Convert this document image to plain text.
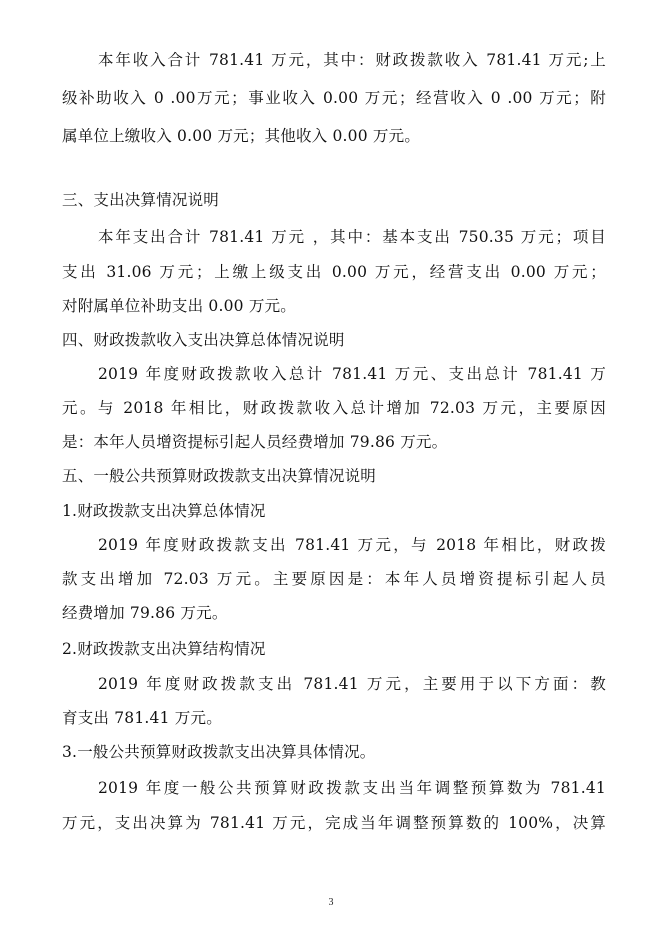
本年收入合计 781.41 万元，其中：财政拨款收入 781.41 万元;上

级补助收入 0 .00万元；事业收入 0.00 万元；经营收入 0 .00 万元；附

属单位上缴收入 0.00 万元；其他收入 0.00 万元。

三、支出决算情况说明

本年支出合计 781.41 万元 ，其中：基本支出 750.35 万元；项目

支出 31.06 万元；上缴上级支出 0.00 万元，经营支出 0.00 万元；

对附属单位补助支出 0.00 万元。

四、财政拨款收入支出决算总体情况说明

2019 年度财政拨款收入总计 781.41 万元、支出总计 781.41 万

元。与 2018 年相比，财政拨款收入总计增加 72.03 万元，主要原因

是：本年人员增资提标引起人员经费增加 79.86 万元。

五、一般公共预算财政拨款支出决算情况说明

1.财政拨款支出决算总体情况

2019 年度财政拨款支出 781.41 万元，与 2018 年相比，财政拨

款支出增加 72.03 万元。主要原因是：本年人员增资提标引起人员

经费增加 79.86 万元。

2.财政拨款支出决算结构情况

2019 年度财政拨款支出 781.41 万元，主要用于以下方面：教

育支出 781.41 万元。

3.一般公共预算财政拨款支出决算具体情况。

2019 年度一般公共预算财政拨款支出当年调整预算数为 781.41

万元，支出决算为 781.41 万元，完成当年调整预算数的 100%，决算

3
